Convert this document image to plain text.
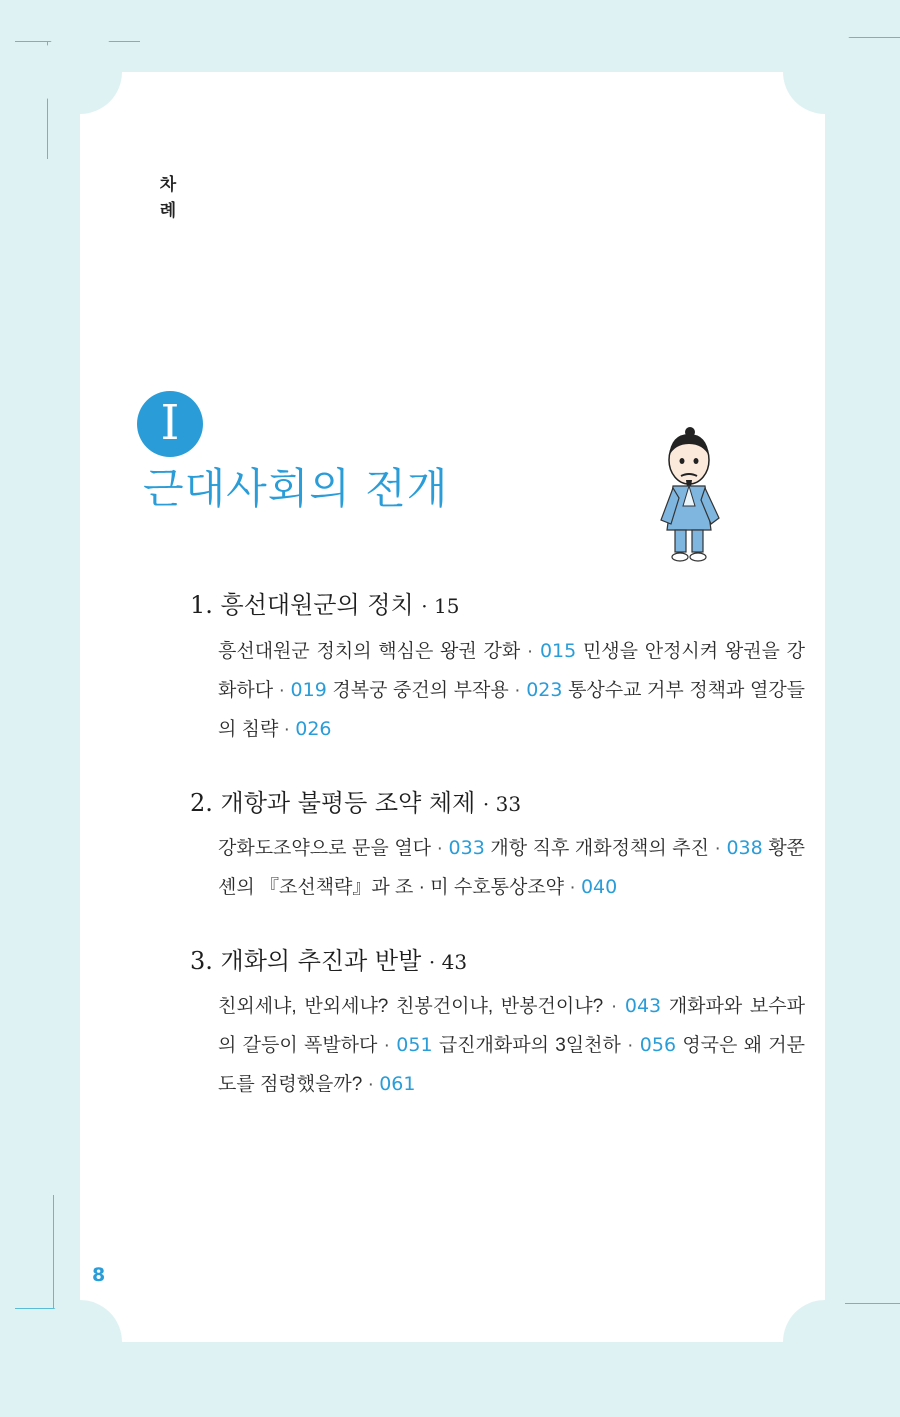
차
례
I
근대사회의 전개
1. 흥선대원군의 정치 · 15
흥선대원군 정치의 핵심은 왕권 강화 · 015 민생을 안정시켜 왕권을 강화하다 · 019 경복궁 중건의 부작용 · 023 통상수교 거부 정책과 열강들의 침략 · 026
2. 개항과 불평등 조약 체제 · 33
강화도조약으로 문을 열다 · 033 개항 직후 개화정책의 추진 · 038 황쭌셴의 『조선책략』과 조 · 미 수호통상조약 · 040
3. 개화의 추진과 반발 · 43
친외세냐, 반외세냐? 친봉건이냐, 반봉건이냐? · 043 개화파와 보수파의 갈등이 폭발하다 · 051 급진개화파의 3일천하 · 056 영국은 왜 거문도를 점령했을까? · 061
8
